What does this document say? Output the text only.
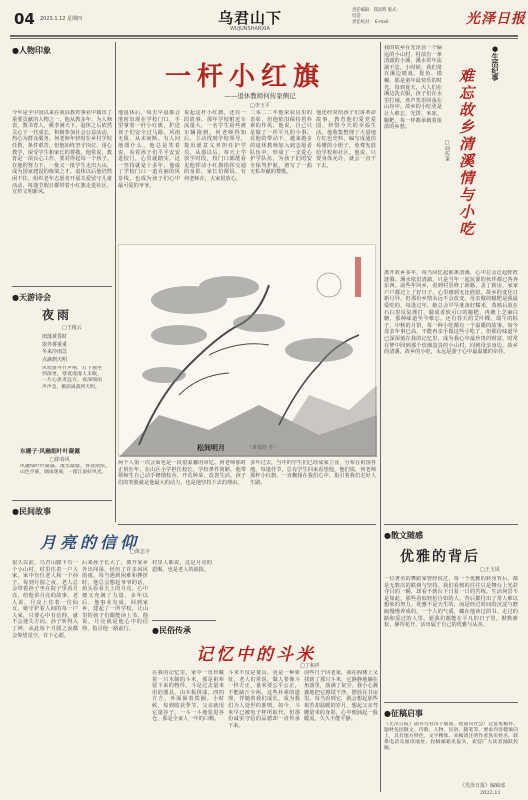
04 2023.1.12 星期四	乌君山下
WUJUNSHANXIA
责任编辑：郑清辉 版式：
电话：
责任校对： E-mail：	光泽日报
●人物印象
今年是全中国以来在我县教育事业中做出了重要贡献的人物之一。他从教多年，为人师表，教书育人，桃李满天下。退休之后依然关心下一代成长，积极参加社会公益活动，热心为群众服务。何老师年轻时在乡村学校任教，条件艰苦，但他始终坚守岗位，用心教学，深受学生和家长的尊敬。他常说，教育是一项良心工作，要对得起每一个孩子。在他的努力下，一批又一批学生走出大山，成为国家建设的栋梁之才。退休以后他仍然闲不住，组织老年志愿者开展关爱留守儿童活动，每逢节假日都带着小红旗走进社区，宣传文明新风。
●天游诗会
夜雨
□王俊云
雨落黄昏时
窗外雾重重
冬来冷雨急
点滴到天明
风吹窗外竹声响，灯下独坐到深更。寒夜漫漫人未眠，一片心思寄远方。夜深细雨声声急，檐前滴落到天明。
东栅子·风融细叶叶凝露
□徐春风
风融细叶叶凝露，流水潺潺，春意渐浓。山色空蒙，烟雨迷离，一派江南好风光。
●民间故事
一杆小红旗
——退休教师何传家侧记
□李玉平
他退休后，每天早晨都会准时出现在学校门口，手里拿着一杆小红旗，护送孩子们安全过马路。风雨无阻，从未间断。有人问他图什么，他总是笑着说，看着孩子们平平安安进校门，心里就踏实。这一坚持就是十多年，他成了学校门口一道亮丽的风景线，也成为孩子们心中最可爱的爷爷。
说起这杆小红旗，还有一段故事。那年学校附近车流量大，一名学生险些被车辆撞到。何老师得知后，主动找到学校领导，提出愿意义务担任护学员。从那以后，每天上学放学时段，校门口都能看见他挥动小红旗指挥交通的身影。家长们都说，有何老师在，大家很放心。
二零二二年他荣获县里的表彰，但他依旧保持着朴素的作风。他说，自己只是做了一件平凡的小事。在他的带动下，越来越多的退休教师加入到志愿者队伍中，形成了一支爱心护学队伍，为孩子们的安全保驾护航，谱写了一曲无私奉献的赞歌。
他还经常给孩子们讲革命故事，教育他们爱党爱国，珍惜今天的幸福生活。他收集整理了大量地方红色史料，编写成通俗易懂的小册子，免费发放给学校和社区。他说，只要身体允许，就会一直干下去。
松间明月	（黄福珍 作）
两个人第一次会面也是一段很温馨的回忆。何老师那时正值壮年，在山区小学担任校长，学校条件简陋，他带领师生自己动手修缮校舍，开荒种菜，改善生活。孩子们的笑脸就是他最大的动力，也是他坚持下去的理由。
多年过去，当年的学生们已经成家立业，分布在祖国各地。每逢佳节，总有学生回来看望他，他们说，何老师那杆小红旗，一直飘扬在我们心中，指引着我们走好人生路。
●生活纪事
难忘故乡清溪情与小吃
□何传家
我的故乡在光泽县一个偏远的小山村，村前有一条清澈的小溪，溪水常年流淌不息。小时候，我们常在溪边嬉戏、捉鱼、摸螺，那是童年最快乐的时光。每到夏天，大人们在溪边洗衣服，孩子们在水里打闹，欢声笑语回荡在山谷中。故乡的小吃更是让人难忘，光饼、米冻、糍粑，每一样都承载着浓浓的乡愁。
离开故乡多年，每当回忆起那条清溪，心中总会泛起阵阵涟漪。溪水依旧清澈，只是当年一起玩耍的伙伴都已各奔东西。前些年回乡，看到村里修了新路，盖了新房，家家户户都过上了好日子，心里感到无比欣慰。故乡的变化日新月异，但那份乡情永远不会改变。母亲做的糍粑是我最爱吃的，每逢过年，她总会早早准备好糯米，蒸熟后放在石臼里反复捶打，做成香软可口的糍粑，再蘸上芝麻白糖，那种味道至今难忘。还有春天的艾叶粿、端午的粽子、中秋的月饼，每一种小吃都有一个温暖的故事。如今母亲年事已高，不能再亲手做这些小吃了，但那份味道早已深深刻在我的记忆里，成为我心中最珍贵的财富，时常在梦中回到那个炊烟袅袅的小山村，回到母亲身边。故乡的清溪，故乡的小吃，永远是游子心中最温暖的牵挂。
●散文随感
优雅的背后
□王玉凤
一位著名的舞蹈家曾经说过，每一个优雅的转身背后，都是无数次的跌倒与坚持。我们看到的往往只是舞台上光彩夺目的一瞬，却看不到台下日复一日的苦练。生活何尝不是如此，那些看似轻松自如的人，背后都付出了常人难以想象的努力。优雅不是天生的，而是经过时间的沉淀与磨砺慢慢养成的。一个人的气质，藏在他读过的书、走过的路和爱过的人里。愿我们都能在平凡的日子里，默默耕耘，静待花开，活出属于自己的优雅与从容。
●征稿启事
《光泽日报》副刊乌君山下版面，现面向社会广泛征集稿件。题材包括散文、诗歌、人物、民俗、随笔等，要求内容健康向上，具有地方特色，文字精练。来稿请注明作者真实姓名、联系电话及通讯地址。投稿邮箱见报头，欢迎广大读者踊跃投稿。
《光泽日报》编辑部
2022.11
月亮的信仰
□黄志宇
很久以前，乌君山脚下有一个小山村，村里住着一户人家，家中有位老人和一个孙子。每到月圆之夜，老人总会带着孙子坐在院子里看月亮，给他讲月亮的故事。老人说，月亮上住着一位仙女，她守护着人间的每一户人家，只要心中有信仰，就不会迷失方向。孙子听得入了神，从此每个月圆之夜都会仰望星空，许下心愿。
后来孙子长大了，离开家乡外出闯荡，经历了许多风风雨雨。每当遇到困难和挫折时，他总会想起爷爷的话，抬头看看天上的月亮，心中便又充满了力量。多年以后，他事业有成，回到家乡，建起了一所学校，让山里的孩子们都能读上书。他说，月亮就是他心中的信仰，指引他一路前行。
村里人都说，这是月亮的恩赐，也是老人的福报。
●民俗传承
记忆中的斗米
□丁和祥
在我的记忆里，家中一直珍藏着一只木制的斗米，那是祖辈留下来的物件。斗是过去量米用的器具，由木板拼成，四四方方，外面箍着铁圈。小时候，每到收获季节，父亲就用它量谷子，一斗一斗地装进谷仓，那是全家人一年的口粮。
斗米不仅是量具，更是一种象征。老人们常说，做人要像斗一样方正，量米要公平公正，不能缺斤少两。这些朴素的道理，伴随着我们成长，成为我们为人处世的准则。如今，斗米早已被电子秤所取代，但那份诚实守信的品德却一直传承下来。
前些日子回老家，我在阁楼上又找到了那只斗米，它静静地躺在角落里，落满了灰尘。我小心翼翼地把它擦拭干净，摆放在书房里。每当看到它，就会想起那些艰苦却温暖的岁月，想起父亲弯腰量米的身影，心中便涌起一股暖流，久久不能平静。
